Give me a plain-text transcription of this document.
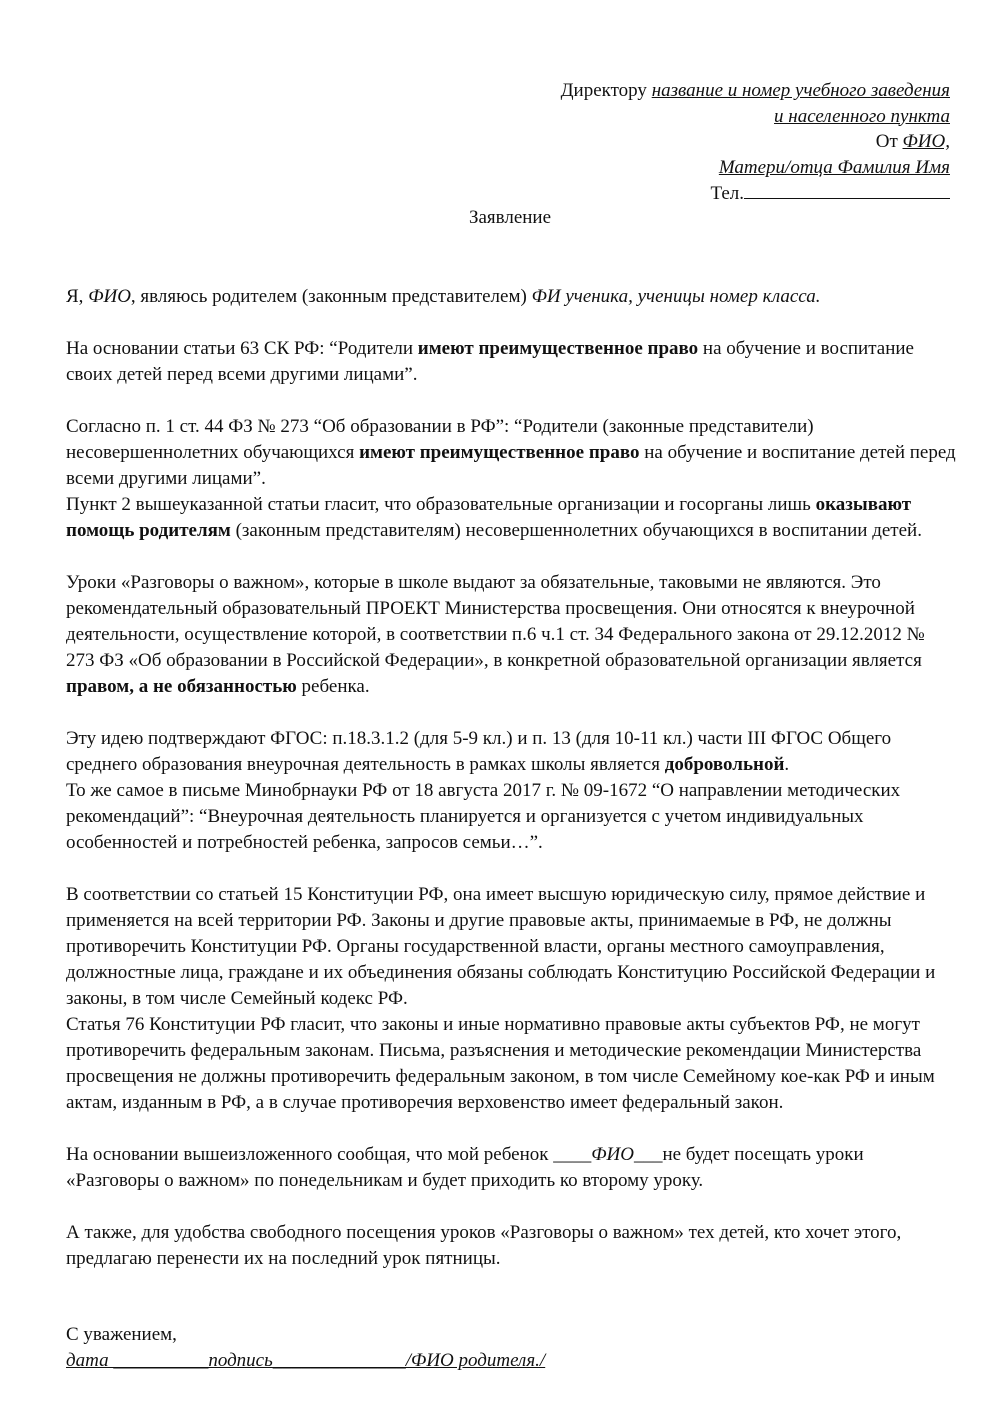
Директору название и номер учебного заведения
и населенного пункта
От ФИО,
Матери/отца Фамилия Имя
Тел.
Заявление

Я, ФИО, являюсь родителем (законным представителем) ФИ ученика, ученицы номер класса.

На основании статьи 63 СК РФ: “Родители имеют преимущественное право на обучение и воспитание своих детей перед всеми другими лицами”.

Согласно п. 1 ст. 44 ФЗ № 273 “Об образовании в РФ”: “Родители (законные представители) несовершеннолетних обучающихся имеют преимущественное право на обучение и воспитание детей перед всеми другими лицами”.

Пункт 2 вышеуказанной статьи гласит, что образовательные организации и госорганы лишь оказывают помощь родителям (законным представителям) несовершеннолетних обучающихся в воспитании детей.

Уроки «Разговоры о важном», которые в школе выдают за обязательные, таковыми не являются. Это рекомендательный образовательный ПРОЕКТ Министерства просвещения. Они относятся к внеурочной деятельности, осуществление которой, в соответствии п.6 ч.1 ст. 34 Федерального закона от 29.12.2012 № 273 ФЗ «Об образовании в Российской Федерации», в конкретной образовательной организации является правом, а не обязанностью ребенка.

Эту идею подтверждают ФГОС: п.18.3.1.2 (для 5-9 кл.) и п. 13 (для 10-11 кл.) части III ФГОС Общего среднего образования внеурочная деятельность в рамках школы является добровольной.

То же самое в письме Минобрнауки РФ от 18 августа 2017 г. № 09-1672 “О направлении методических рекомендаций”: “Внеурочная деятельность планируется и организуется с учетом индивидуальных особенностей и потребностей ребенка, запросов семьи…”.

В соответствии со статьей 15 Конституции РФ, она имеет высшую юридическую силу, прямое действие и применяется на всей территории РФ. Законы и другие правовые акты, принимаемые в РФ, не должны противоречить Конституции РФ. Органы государственной власти, органы местного самоуправления, должностные лица, граждане и их объединения обязаны соблюдать Конституцию Российской Федерации и законы, в том числе Семейный кодекс РФ.

Статья 76 Конституции РФ гласит, что законы и иные нормативно правовые акты субъектов РФ, не могут противоречить федеральным законам. Письма, разъяснения и методические рекомендации Министерства просвещения не должны противоречить федеральным законом, в том числе Семейному кое-как РФ и иным актам, изданным в РФ, а в случае противоречия верховенство имеет федеральный закон.

На основании вышеизложенного сообщая, что мой ребенок ____ФИО___не будет посещать уроки «Разговоры о важном» по понедельникам и будет приходить ко второму уроку.

А также, для удобства свободного посещения уроков «Разговоры о важном» тех детей, кто хочет этого, предлагаю перенести их на последний урок пятницы.

С уважением,
дата __________подпись______________/ФИО родителя./
